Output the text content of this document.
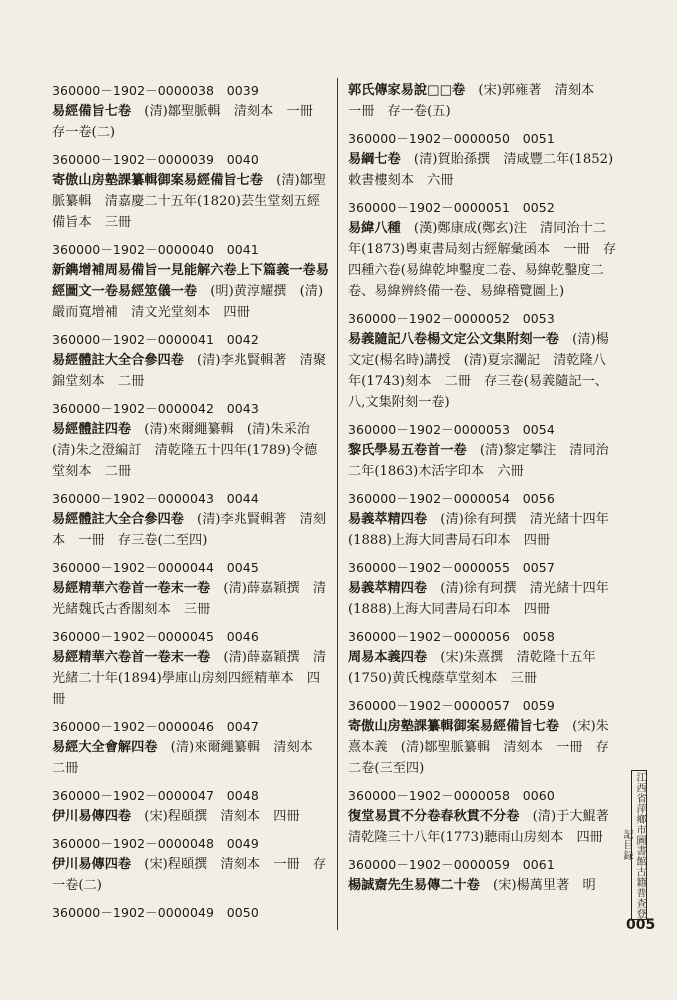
360000－1902－0000038　0039
易經備旨七卷　(清)鄒聖脈輯　清刻本　一冊　存一卷(二)
360000－1902－0000039　0040
寄傲山房塾課纂輯御案易經備旨七卷　(清)鄒聖脈纂輯　清嘉慶二十五年(1820)芸生堂刻五經備旨本　三冊
360000－1902－0000040　0041
新鐫增補周易備旨一見能解六卷上下篇義一卷易經圖文一卷易經筮儀一卷　(明)黄淳耀撰　(清)嚴而寬增補　清文光堂刻本　四冊
360000－1902－0000041　0042
易經體註大全合參四卷　(清)李兆賢輯著　清聚錦堂刻本　二冊
360000－1902－0000042　0043
易經體註四卷　(清)來爾繩纂輯　(清)朱采治　(清)朱之澄編訂　清乾隆五十四年(1789)令德堂刻本　二冊
360000－1902－0000043　0044
易經體註大全合參四卷　(清)李兆賢輯著　清刻本　一冊　存三卷(二至四)
360000－1902－0000044　0045
易經精華六卷首一卷末一卷　(清)薛嘉穎撰　清光緒魏氏古香閣刻本　三冊
360000－1902－0000045　0046
易經精華六卷首一卷末一卷　(清)薛嘉穎撰　清光緒二十年(1894)學庫山房刻四經精華本　四冊
360000－1902－0000046　0047
易經大全會解四卷　(清)來爾繩纂輯　清刻本　二冊
360000－1902－0000047　0048
伊川易傳四卷　(宋)程頤撰　清刻本　四冊
360000－1902－0000048　0049
伊川易傳四卷　(宋)程頤撰　清刻本　一冊　存一卷(二)
360000－1902－0000049　0050
郭氏傳家易說□□卷　(宋)郭雍著　清刻本　一冊　存一卷(五)
360000－1902－0000050　0051
易綱七卷　(清)賀貽孫撰　清咸豐二年(1852)敕書樓刻本　六冊
360000－1902－0000051　0052
易緯八種　(漢)鄭康成(鄭玄)注　清同治十二年(1873)粵東書局刻古經解彙函本　一冊　存四種六卷(易緯乾坤鑿度二卷、易緯乾鑿度二卷、易緯辨終備一卷、易緯稽覽圖上)
360000－1902－0000052　0053
易義隨記八卷楊文定公文集附刻一卷　(清)楊文定(楊名時)講授　(清)夏宗瀾記　清乾隆八年(1743)刻本　二冊　存三卷(易義隨記一、八,文集附刻一卷)
360000－1902－0000053　0054
黎氏學易五卷首一卷　(清)黎定攀注　清同治二年(1863)木活字印本　六冊
360000－1902－0000054　0056
易義萃精四卷　(清)徐有珂撰　清光緒十四年(1888)上海大同書局石印本　四冊
360000－1902－0000055　0057
易義萃精四卷　(清)徐有珂撰　清光緒十四年(1888)上海大同書局石印本　四冊
360000－1902－0000056　0058
周易本義四卷　(宋)朱熹撰　清乾隆十五年(1750)黄氏槐蔭草堂刻本　三冊
360000－1902－0000057　0059
寄傲山房塾課纂輯御案易經備旨七卷　(宋)朱熹本義　(清)鄒聖脈纂輯　清刻本　一冊　存二卷(三至四)
360000－1902－0000058　0060
復堂易貫不分卷春秋貫不分卷　(清)于大鯤著　清乾隆三十八年(1773)聽雨山房刻本　四冊
360000－1902－0000059　0061
楊誠齋先生易傳二十卷　(宋)楊萬里著　明	江西省萍鄉市圖書館古籍普查登記目録
005
